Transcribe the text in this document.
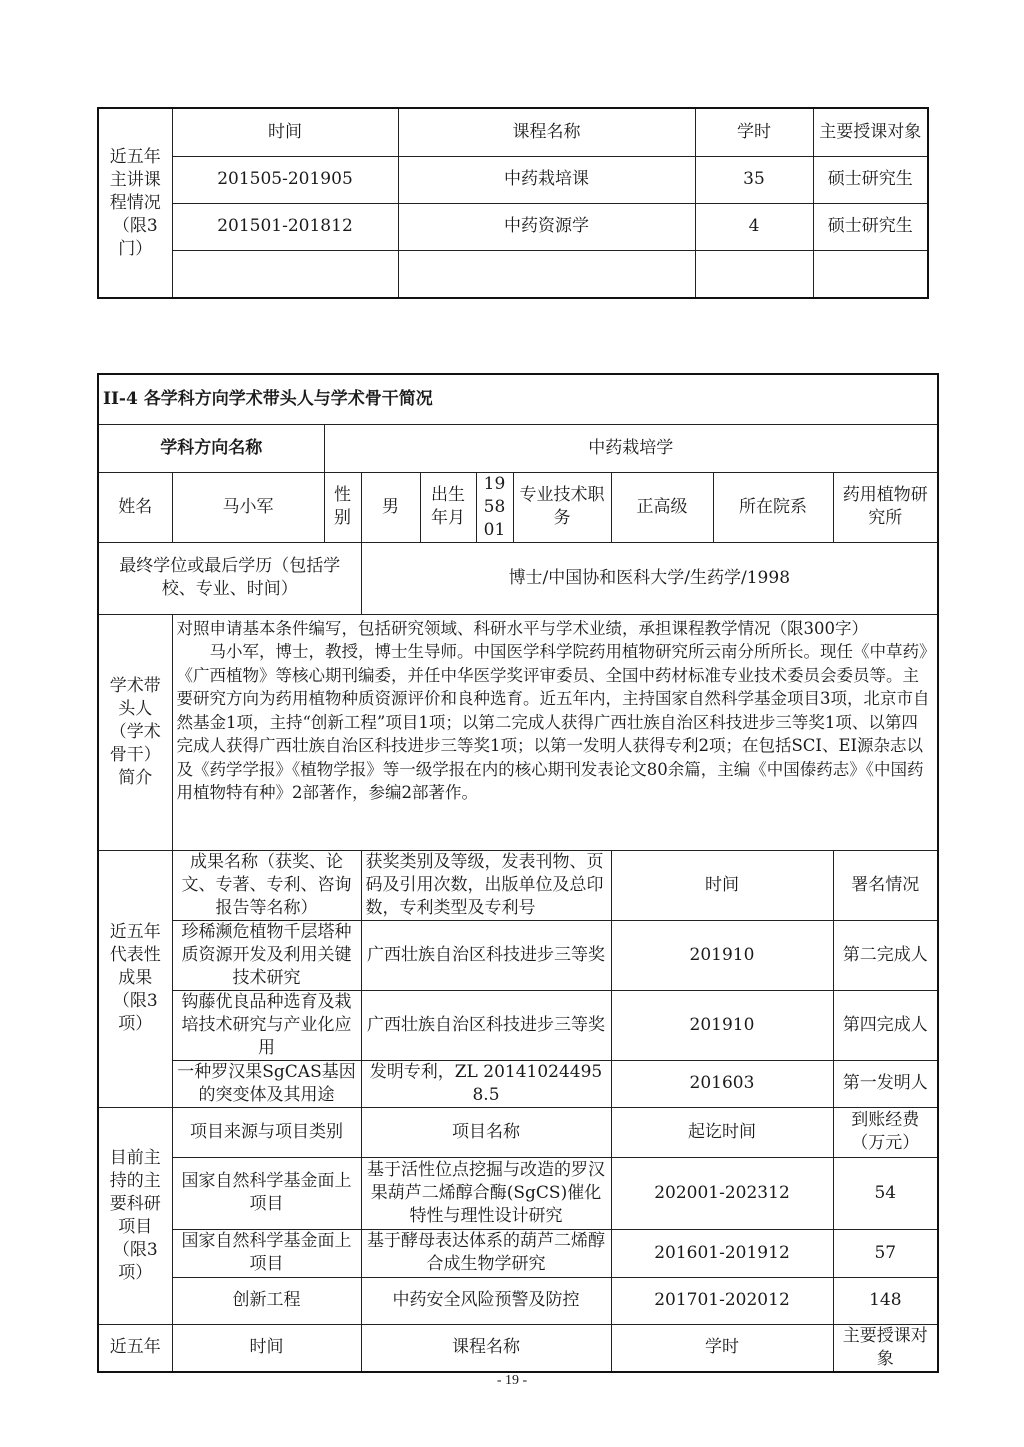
近五年主讲课程情况（限3门）	时间	课程名称	学时	主要授课对象
	201505-201905	中药栽培课	35	硕士研究生
	201501-201812	中药资源学	4	硕士研究生

II-4 各学科方向学术带头人与学术骨干简况									
学科方向名称		中药栽培学							
姓名	马小军	性别	男	出生年月	195801	专业技术职 务	正高级	所在院系	药用植物研究所
最终学位或最后学历（包括学校、专业、时间）			博士/中国协和医科大学/生药学/1998						
学术带头人（学术骨干）简介	对照申请基本条件编写，包括研究领域、科研水平与学术业绩，承担课程教学情况（限300字）
马小军，博士，教授，博士生导师。中国医学科学院药用植物研究所云南分所所长。现任《中草药》《广西植物》等核心期刊编委，并任中华医学奖评审委员、全国中药材标准专业技术委员会委员等。主要研究方向为药用植物种质资源评价和良种选育。近五年内，主持国家自然科学基金项目3项，北京市自然基金1项，主持“创新工程”项目1项；以第二完成人获得广西壮族自治区科技进步三等奖1项、以第四完成人获得广西壮族自治区科技进步三等奖1项；以第一发明人获得专利2项；在包括SCI、EI源杂志以及《药学学报》《植物学报》等一级学报在内的核心期刊发表论文80余篇，主编《中国傣药志》《中国药用植物特有种》2部著作，参编2部著作。								

近五年代表性成果（限3项）	成果名称（获奖、论文、专著、专利、咨询报告等名称）		获奖类别及等级，发表刊物、页码及引用次数，出版单位及总印数，专利类型及专利号				时间		署名情况
	珍稀濒危植物千层塔种质资源开发及利用关键技术研究		广西壮族自治区科技进步三等奖				201910		第二完成人
	钩藤优良品种选育及栽培技术研究与产业化应用		广西壮族自治区科技进步三等奖				201910		第四完成人
	一种罗汉果SgCAS基因的突变体及其用途		发明专利，ZL 201410244958.5				201603		第一发明人
目前主持的主要科研项目（限3项）	项目来源与项目类别		项目名称				起讫时间		到账经费（万元）
	国家自然科学基金面上项目		基于活性位点挖掘与改造的罗汉果葫芦二烯醇合酶(SgCS)催化特性与理性设计研究				202001-202312		54
	国家自然科学基金面上项目		基于酵母表达体系的葫芦二烯醇合成生物学研究				201601-201912		57
	创新工程		中药安全风险预警及防控				201701-202012		148
近五年	时间		课程名称				学时		主要授课对象
- 19 -
